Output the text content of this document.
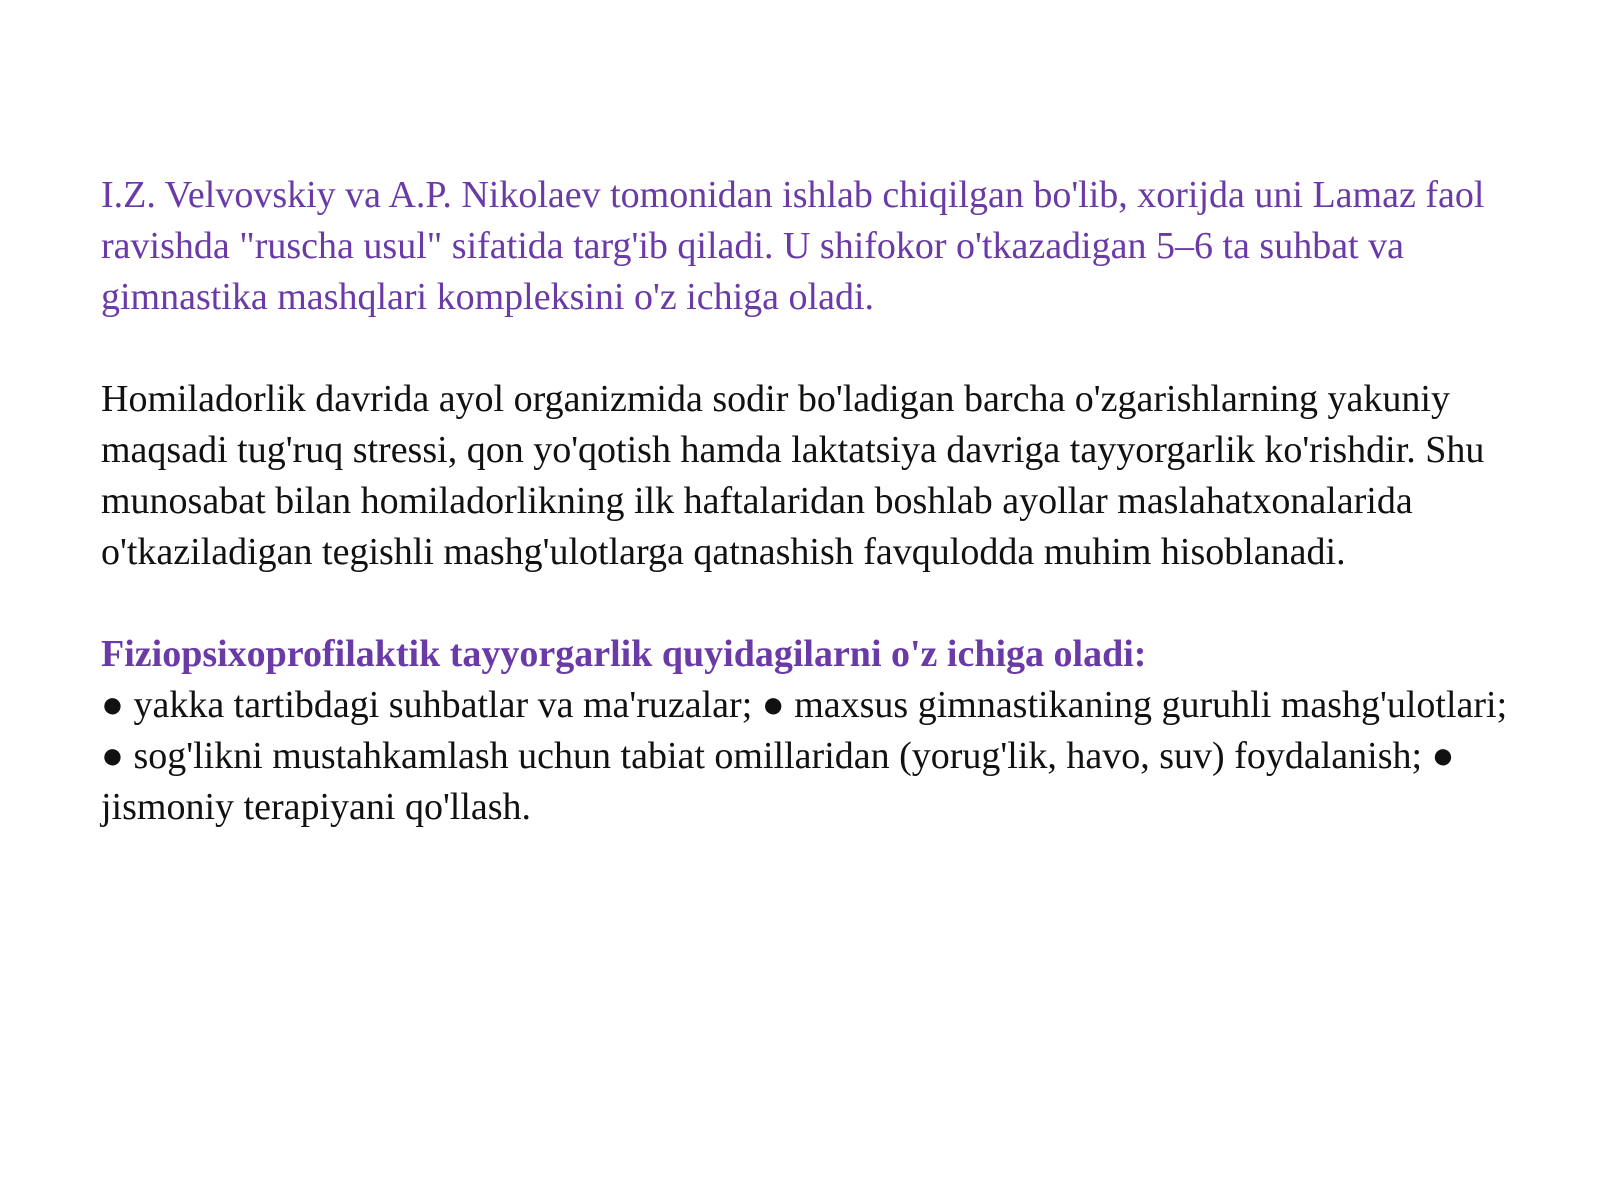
I.Z. Velvovskiy va A.P. Nikolaev tomonidan ishlab chiqilgan bo'lib, xorijda uni Lamaz faol ravishda "ruscha usul" sifatida targ'ib qiladi. U shifokor o'tkazadigan 5–6 ta suhbat va gimnastika mashqlari kompleksini o'z ichiga oladi.

Homiladorlik davrida ayol organizmida sodir bo'ladigan barcha o'zgarishlarning yakuniy maqsadi tug'ruq stressi, qon yo'qotish hamda laktatsiya davriga tayyorgarlik ko'rishdir. Shu munosabat bilan homiladorlikning ilk haftalaridan boshlab ayollar maslahatxonalarida o'tkaziladigan tegishli mashg'ulotlarga qatnashish favqulodda muhim hisoblanadi.

Fiziopsixoprofilaktik tayyorgarlik quyidagilarni o'z ichiga oladi:

● yakka tartibdagi suhbatlar va ma'ruzalar; ● maxsus gimnastikaning guruhli mashg'ulotlari; ● sog'likni mustahkamlash uchun tabiat omillaridan (yorug'lik, havo, suv) foydalanish; ● jismoniy terapiyani qo'llash.
